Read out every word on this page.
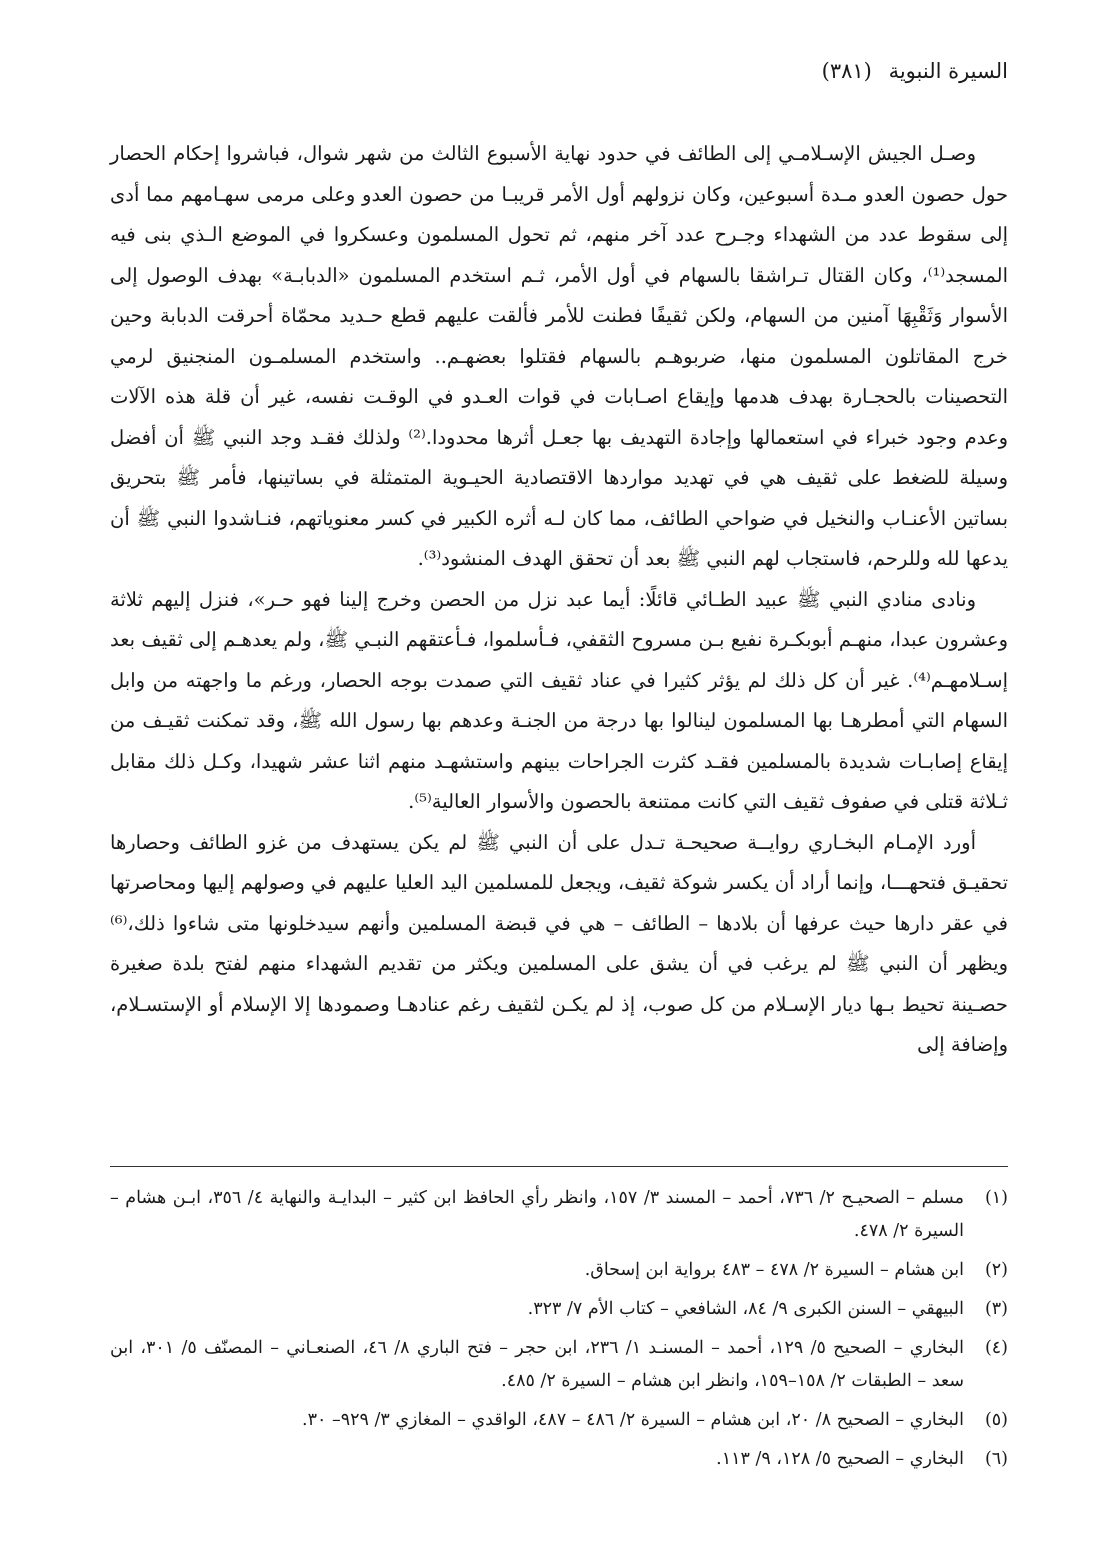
السيرة النبوية (٣٨١)

وصـل الجيش الإسـلامـي إلى الطائف في حدود نهاية الأسبوع الثالث من شهر شوال، فباشروا إحكام الحصار حول حصون العدو مـدة أسبوعين، وكان نزولهم أول الأمر قريبـا من حصون العدو وعلى مرمى سهـامهم مما أدى إلى سقوط عدد من الشهداء وجـرح عدد آخر منهم، ثم تحول المسلمون وعسكروا في الموضع الـذي بنى فيه المسجد⁽¹⁾، وكان القتال تـراشقا بالسهام في أول الأمر، ثـم استخدم المسلمون «الدبابـة» بهدف الوصول إلى الأسوار وَثَقْبِهَا آمنين من السهام، ولكن ثقيفًا فطنت للأمر فألقت عليهم قطع حـديد محمّاة أحرقت الدبابة وحين خرج المقاتلون المسلمون منها، ضربوهـم بالسهام فقتلوا بعضهـم.. واستخدم المسلمـون المنجنيق لرمي التحصينات بالحجـارة بهدف هدمها وإيقاع اصـابات في قوات العـدو في الوقـت نفسه، غير أن قلة هذه الآلات وعدم وجود خبراء في استعمالها وإجادة التهديف بها جعـل أثرها محدودا.⁽²⁾ ولذلك فقـد وجد النبي ﷺ أن أفضل وسيلة للضغط على ثقيف هي في تهديد مواردها الاقتصادية الحيـوية المتمثلة في بساتينها، فأمر ﷺ بتحريق بساتين الأعنـاب والنخيل في ضواحي الطائف، مما كان لـه أثره الكبير في كسر معنوياتهم، فنـاشدوا النبي ﷺ أن يدعها لله وللرحم، فاستجاب لهم النبي ﷺ بعد أن تحقق الهدف المنشود⁽³⁾.

ونادى منادي النبي ﷺ عبيد الطـائي قائلًا: أيما عبد نزل من الحصن وخرج إلينا فهو حـر»، فنزل إليهم ثلاثة وعشرون عبدا، منهـم أبوبكـرة نفيع بـن مسروح الثقفي، فـأسلموا، فـأعتقهم النبـي ﷺ، ولم يعدهـم إلى ثقيف بعد إسـلامهـم⁽⁴⁾. غير أن كل ذلك لم يؤثر كثيرا في عناد ثقيف التي صمدت بوجه الحصار، ورغم ما واجهته من وابل السهام التي أمطرهـا بها المسلمون لينالوا بها درجة من الجنـة وعدهم بها رسول الله ﷺ، وقد تمكنت ثقيـف من إيقاع إصابـات شديدة بالمسلمين فقـد كثرت الجراحات بينهم واستشهـد منهم اثنا عشر شهيدا، وكـل ذلك مقابل ثـلاثة قتلى في صفوف ثقيف التي كانت ممتنعة بالحصون والأسوار العالية⁽⁵⁾.

أورد الإمـام البخـاري روايــة صحيحـة تـدل على أن النبي ﷺ لم يكن يستهدف من غزو الطائف وحصارها تحقيـق فتحهـــا، وإنما أراد أن يكسر شوكة ثقيف، ويجعل للمسلمين اليد العليا عليهم في وصولهم إليها ومحاصرتها في عقر دارها حيث عرفها أن بلادها – الطائف – هي في قبضة المسلمين وأنهم سيدخلونها متى شاءوا ذلك،⁽⁶⁾ ويظهر أن النبي ﷺ لم يرغب في أن يشق على المسلمين ويكثر من تقديم الشهداء منهم لفتح بلدة صغيرة حصـينة تحيط بـها ديار الإسـلام من كل صوب، إذ لم يكـن لثقيف رغم عنادهـا وصمودها إلا الإسلام أو الإستسـلام، وإضافة إلى

(١)
مسلم – الصحيـح ٢/ ٧٣٦، أحمد – المسند ٣/ ١٥٧، وانظر رأي الحافظ ابن كثير – البدايـة والنهاية ٤/ ٣٥٦، ابـن هشام – السيرة ٢/ ٤٧٨.
(٢)
ابن هشام – السيرة ٢/ ٤٧٨ – ٤٨٣ برواية ابن إسحاق.
(٣)
البيهقي – السنن الكبرى ٩/ ٨٤، الشافعي – كتاب الأم ٧/ ٣٢٣.
(٤)
البخاري – الصحيح ٥/ ١٢٩، أحمد – المسنـد ١/ ٢٣٦، ابن حجر – فتح الباري ٨/ ٤٦، الصنعـاني – المصنّف ٥/ ٣٠١، ابن سعد – الطبقات ٢/ ١٥٨–١٥٩، وانظر ابن هشام – السيرة ٢/ ٤٨٥.
(٥)
البخاري – الصحيح ٨/ ٢٠، ابن هشام – السيرة ٢/ ٤٨٦ – ٤٨٧، الواقدي – المغازي ٣/ ٩٢٩– ٣٠.
(٦)
البخاري – الصحيح ٥/ ١٢٨، ٩/ ١١٣.
